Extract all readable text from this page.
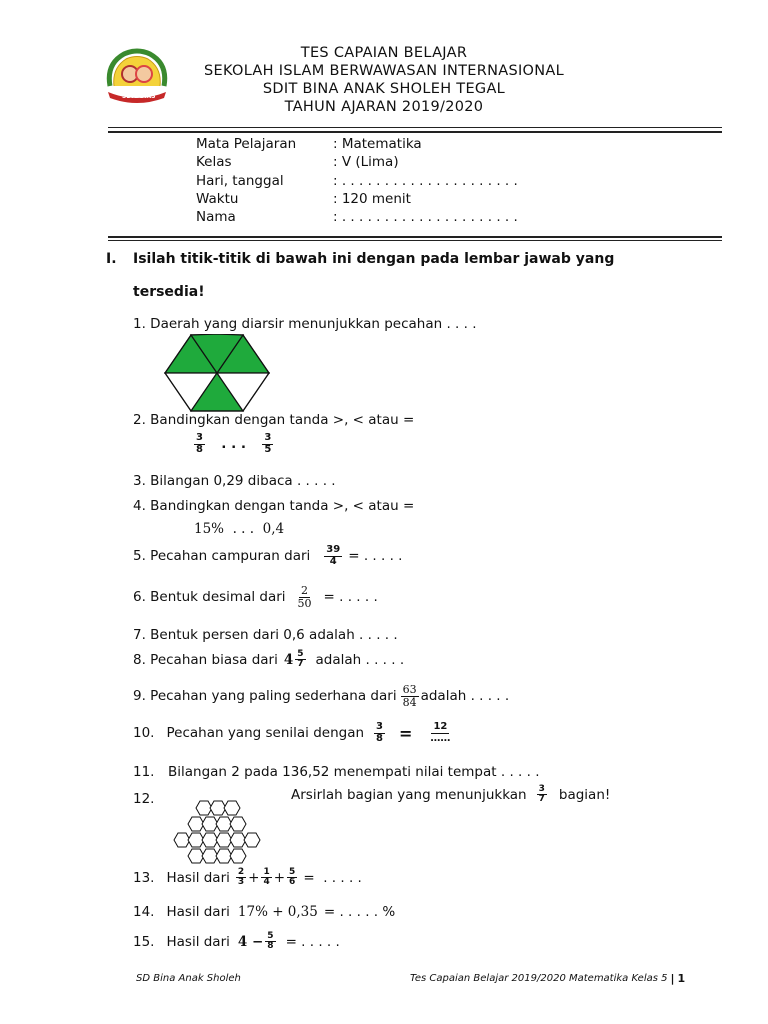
SDIT BIAS
TES CAPAIAN BELAJAR
SEKOLAH ISLAM BERWAWASAN INTERNASIONAL
SDIT BINA ANAK SHOLEH TEGAL
TAHUN AJARAN 2019/2020
Mata Pelajaran	: Matematika
Kelas	: V (Lima)
Hari, tanggal	: . . . . . . . . . . . . . . . . . . . . .
Waktu	: 120 menit
Nama	: . . . . . . . . . . . . . . . . . . . . .
I. Isilah titik-titik di bawah ini dengan pada lembar jawab yang
tersedia!
1. Daerah yang diarsir menunjukkan pecahan . . . .
2. Bandingkan dengan tanda >, < atau =
$\frac{3}{8}$ . . . $\frac{3}{5}$
3. Bilangan 0,29 dibaca . . . . .
4. Bandingkan dengan tanda >, < atau =
15%  . . .  0,4
5. Pecahan campuran dari $\frac{39}{4}$ = . . . . .
6. Bentuk desimal dari $\frac{2}{50}$ = . . . . .
7. Bentuk persen dari 0,6 adalah . . . . .
8. Pecahan biasa dari $4 \frac{5}{7}$ adalah . . . . .
9. Pecahan yang paling sederhana dari $\frac{63}{84}$ adalah . . . . .
10. Pecahan yang senilai dengan $\frac{3}{8} = \frac{12}{\dots\dots}$
11. Bilangan 2 pada 136,52 menempati nilai tempat . . . . .
12.	Arsirlah bagian yang menunjukkan $\frac{3}{7}$ bagian!
13. Hasil dari $\frac{2}{3} + \frac{1}{4} + \frac{5}{6}$ =  . . . . .
14. Hasil dari 17% + 0,35 = . . . . . %
15. Hasil dari $4 - \frac{5}{8}$ = . . . . .
SD Bina Anak Sholeh	Tes Capaian Belajar 2019/2020 Matematika Kelas 5 | 1
